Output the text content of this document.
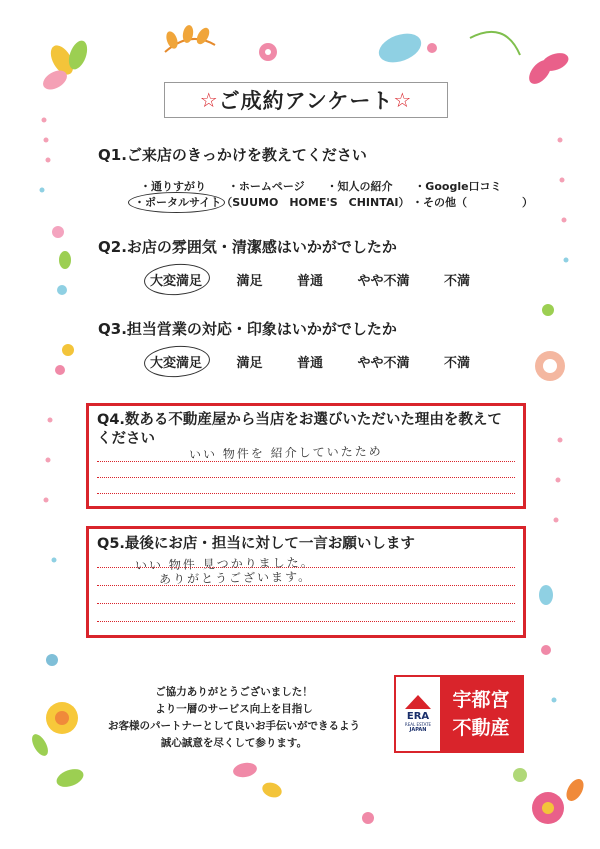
☆ ご成約アンケート ☆
Q1.ご来店のきっかけを教えてください
・通りすがり ・ホームページ ・知人の紹介 ・Google口コミ
・ポータルサイト（SUUMO　HOME'S　CHINTAI） ・その他（　　　　　）
Q2.お店の雰囲気・清潔感はいかがでしたか
大変満足	満足	普通	やや不満	不満
Q3.担当営業の対応・印象はいかがでしたか
大変満足	満足	普通	やや不満	不満
Q4.数ある不動産屋から当店をお選びいただいた理由を教えて
ください
いい 物件を 紹介していたため
Q5.最後にお店・担当に対して一言お願いします
いい 物件 見つかりました。
ありがとうございます。
ご協力ありがとうございました！
より一層のサービス向上を目指し
お客様のパートナーとして良いお手伝いができるよう
誠心誠意を尽くして参ります。
ERA
REAL ESTATE
JAPAN
宇都宮
不動産
